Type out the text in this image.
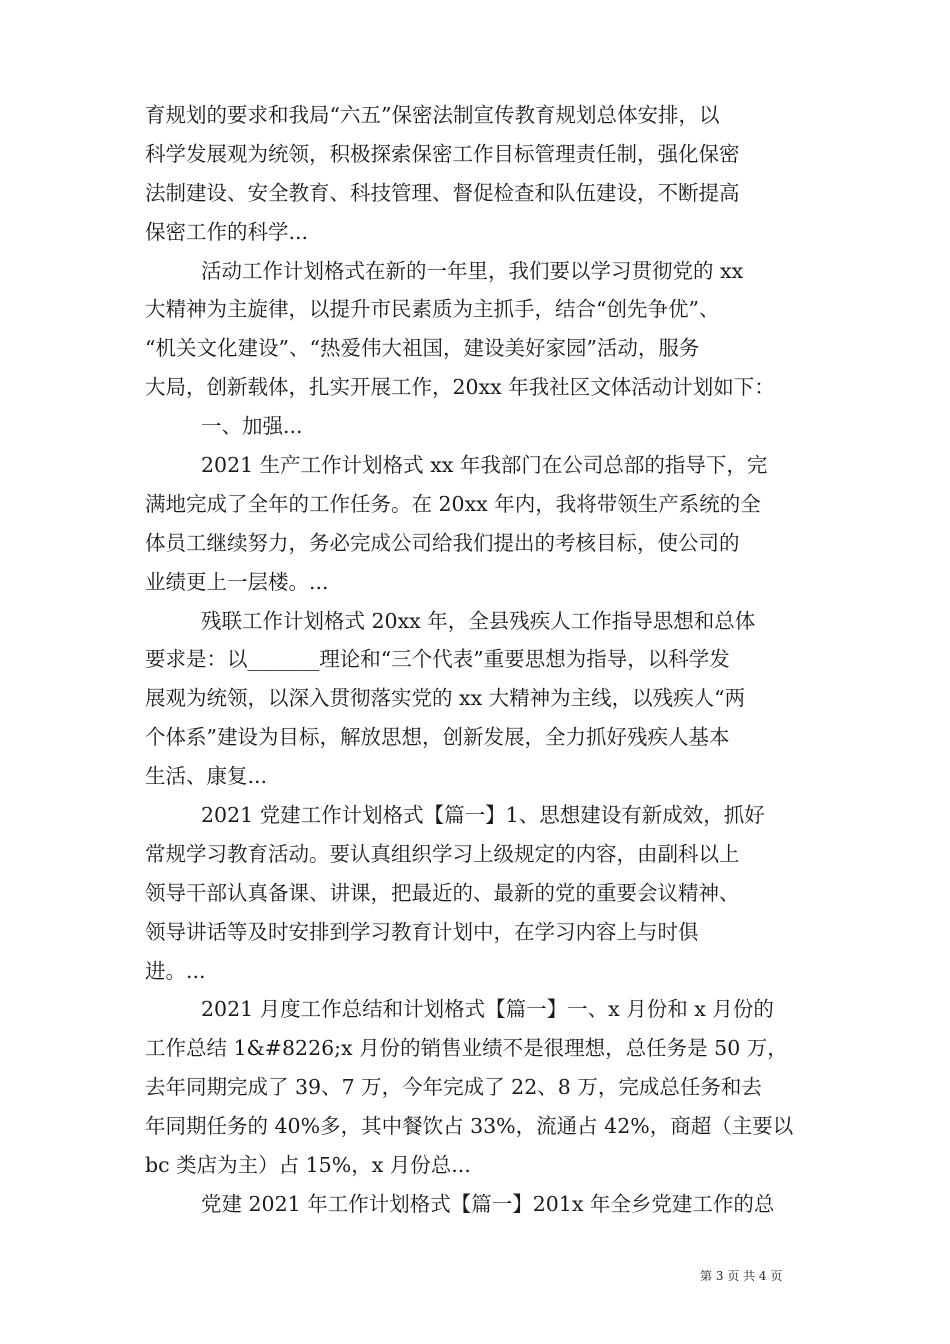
育规划的要求和我局“六五”保密法制宣传教育规划总体安排，以
科学发展观为统领，积极探索保密工作目标管理责任制，强化保密
法制建设、安全教育、科技管理、督促检查和队伍建设，不断提高
保密工作的科学...
活动工作计划格式在新的一年里，我们要以学习贯彻党的 xx
大精神为主旋律，以提升市民素质为主抓手，结合“创先争优”、
“机关文化建设”、“热爱伟大祖国，建设美好家园”活动，服务
大局，创新载体，扎实开展工作，20xx 年我社区文体活动计划如下：
一、加强...
2021 生产工作计划格式 xx 年我部门在公司总部的指导下，完
满地完成了全年的工作任务。在 20xx 年内，我将带领生产系统的全
体员工继续努力，务必完成公司给我们提出的考核目标，使公司的
业绩更上一层楼。...
残联工作计划格式 20xx 年，全县残疾人工作指导思想和总体
要求是：以_______理论和“三个代表”重要思想为指导，以科学发
展观为统领，以深入贯彻落实党的 xx 大精神为主线，以残疾人“两
个体系”建设为目标，解放思想，创新发展，全力抓好残疾人基本
生活、康复...
2021 党建工作计划格式【篇一】1、思想建设有新成效，抓好
常规学习教育活动。要认真组织学习上级规定的内容，由副科以上
领导干部认真备课、讲课，把最近的、最新的党的重要会议精神、
领导讲话等及时安排到学习教育计划中，在学习内容上与时俱
进。...
2021 月度工作总结和计划格式【篇一】一、x 月份和 x 月份的
工作总结 1&#8226;x 月份的销售业绩不是很理想，总任务是 50 万，
去年同期完成了 39、7 万，今年完成了 22、8 万，完成总任务和去
年同期任务的 40%多，其中餐饮占 33%，流通占 42%，商超（主要以
bc 类店为主）占 15%，x 月份总...
党建 2021 年工作计划格式【篇一】201x 年全乡党建工作的总
第 3 页 共 4 页
